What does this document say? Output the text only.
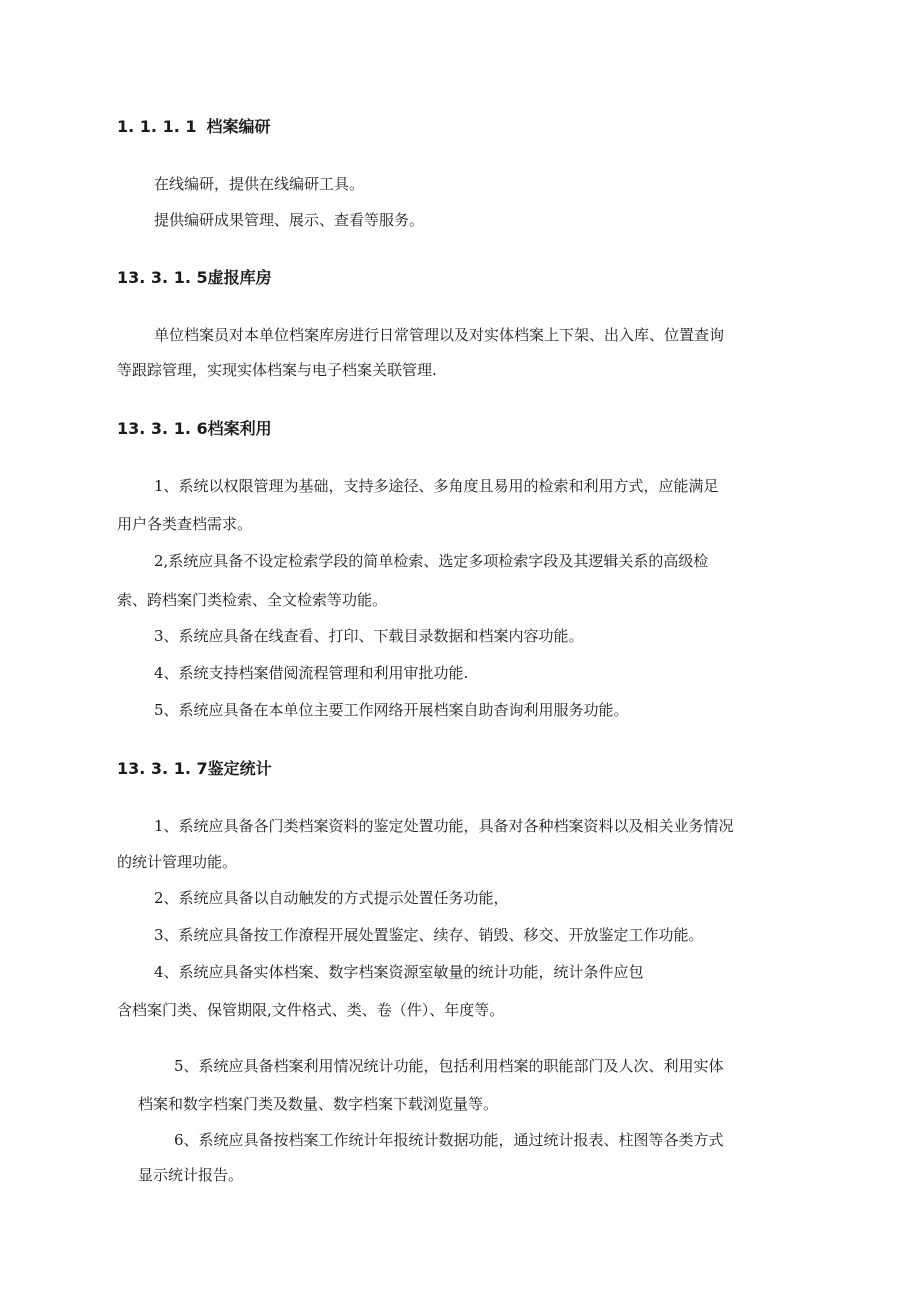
1. 1. 1. 1 档案编研
在线编研，提供在线编研工具。
提供编研成果管理、展示、查看等服务。
13. 3. 1. 5虚报库房
单位档案员对本单位档案库房进行日常管理以及对实体档案上下架、出入库、位置查询
等跟踪管理，实现实体档案与电子档案关联管理.
13. 3. 1. 6档案利用
1、系统以权限管理为基础，支持多途径、多角度且易用的检索和利用方式，应能满足
用户各类查档需求。
2,系统应具备不设定检索学段的简单检索、选定多项检索字段及其逻辑关系的高级检
索、跨档案门类检索、全文检索等功能。
3、系统应具备在线查看、打印、下载目录数据和档案内容功能。
4、系统支持档案借阅流程管理和利用审批功能.
5、系统应具备在本单位主要工作网络开展档案自助杳询利用服务功能。
13. 3. 1. 7鉴定统计
1、系统应具备各门类档案资料的鉴定处置功能，具备对各种档案资料以及相关业务情况
的统计管理功能。
2、系统应具备以自动触发的方式提示处置任务功能，
3、系统应具备按工作潦程开展处置鉴定、续存、销毁、移交、开放鉴定工作功能。
4、系统应具备实体档案、数字档案资源室敏量的统计功能，统计条件应包
含档案门类、保管期限,文件格式、类、卷（件）、年度等。
5、系统应具备档案利用情况统计功能，包括利用档案的职能部门及人次、利用实体
档案和数字档案门类及数量、数字档案下载浏览量等。
6、系统应具备按档案工作统计年报统计数据功能，通过统计报表、柱图等各类方式
显示统计报告。
